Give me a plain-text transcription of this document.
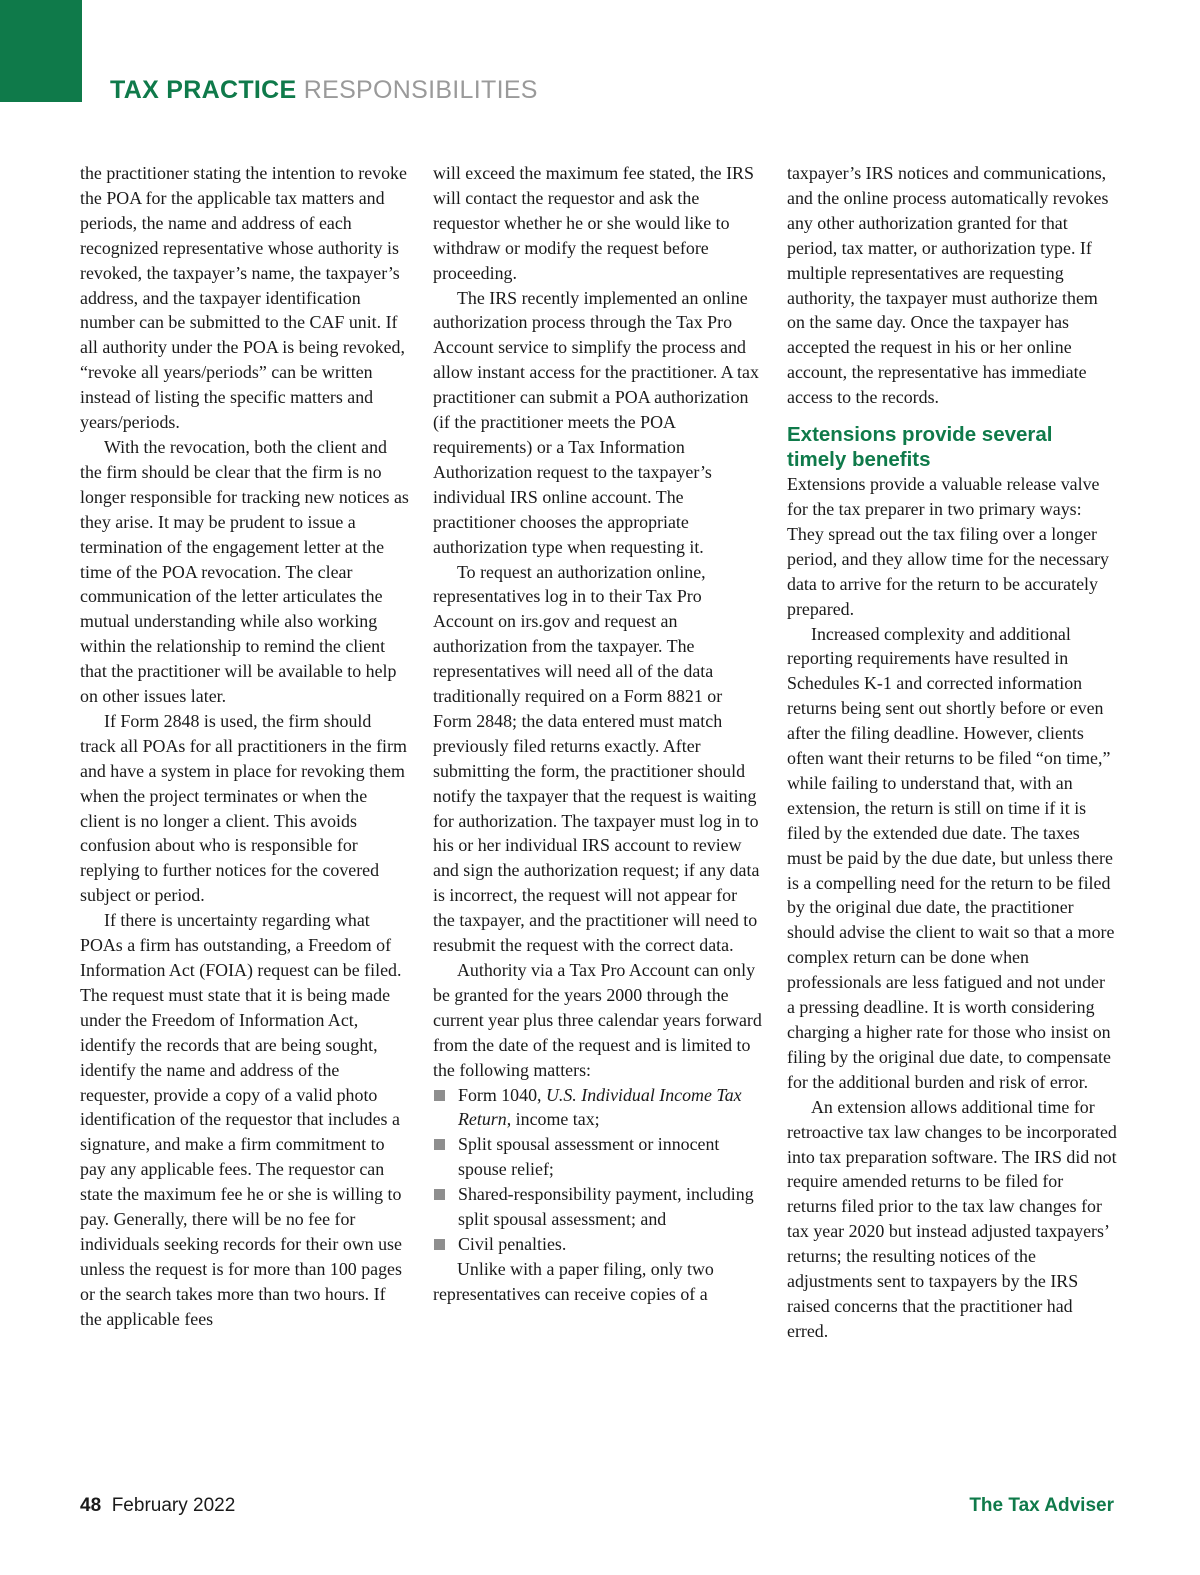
TAX PRACTICE RESPONSIBILITIES

the practitioner stating the intention to revoke the POA for the applicable tax matters and periods, the name and address of each recognized representative whose authority is revoked, the taxpayer’s name, the taxpayer’s address, and the taxpayer identification number can be submitted to the CAF unit. If all authority under the POA is being revoked, “revoke all years/periods” can be written instead of listing the specific matters and years/periods.

With the revocation, both the client and the firm should be clear that the firm is no longer responsible for tracking new notices as they arise. It may be prudent to issue a termination of the engagement letter at the time of the POA revocation. The clear communication of the letter articulates the mutual understanding while also working within the relationship to remind the client that the practitioner will be available to help on other issues later.

If Form 2848 is used, the firm should track all POAs for all practitioners in the firm and have a system in place for revoking them when the project terminates or when the client is no longer a client. This avoids confusion about who is responsible for replying to further notices for the covered subject or period.

If there is uncertainty regarding what POAs a firm has outstanding, a Freedom of Information Act (FOIA) request can be filed. The request must state that it is being made under the Freedom of Information Act, identify the records that are being sought, identify the name and address of the requester, provide a copy of a valid photo identification of the requestor that includes a signature, and make a firm commitment to pay any applicable fees. The requestor can state the maximum fee he or she is willing to pay. Generally, there will be no fee for individuals seeking records for their own use unless the request is for more than 100 pages or the search takes more than two hours. If the applicable fees

will exceed the maximum fee stated, the IRS will contact the requestor and ask the requestor whether he or she would like to withdraw or modify the request before proceeding.

The IRS recently implemented an online authorization process through the Tax Pro Account service to simplify the process and allow instant access for the practitioner. A tax practitioner can submit a POA authorization (if the practitioner meets the POA requirements) or a Tax Information Authorization request to the taxpayer’s individual IRS online account. The practitioner chooses the appropriate authorization type when requesting it.

To request an authorization online, representatives log in to their Tax Pro Account on irs.gov and request an authorization from the taxpayer. The representatives will need all of the data traditionally required on a Form 8821 or Form 2848; the data entered must match previously filed returns exactly. After submitting the form, the practitioner should notify the taxpayer that the request is waiting for authorization. The taxpayer must log in to his or her individual IRS account to review and sign the authorization request; if any data is incorrect, the request will not appear for the taxpayer, and the practitioner will need to resubmit the request with the correct data.

Authority via a Tax Pro Account can only be granted for the years 2000 through the current year plus three calendar years forward from the date of the request and is limited to the following matters:

Form 1040, U.S. Individual Income Tax Return, income tax;
Split spousal assessment or innocent spouse relief;
Shared-responsibility payment, including split spousal assessment; and
Civil penalties.

Unlike with a paper filing, only two representatives can receive copies of a

taxpayer’s IRS notices and communications, and the online process automatically revokes any other authorization granted for that period, tax matter, or authorization type. If multiple representatives are requesting authority, the taxpayer must authorize them on the same day. Once the taxpayer has accepted the request in his or her online account, the representative has immediate access to the records.

Extensions provide several timely benefits

Extensions provide a valuable release valve for the tax preparer in two primary ways: They spread out the tax filing over a longer period, and they allow time for the necessary data to arrive for the return to be accurately prepared.

Increased complexity and additional reporting requirements have resulted in Schedules K-1 and corrected information returns being sent out shortly before or even after the filing deadline. However, clients often want their returns to be filed “on time,” while failing to understand that, with an extension, the return is still on time if it is filed by the extended due date. The taxes must be paid by the due date, but unless there is a compelling need for the return to be filed by the original due date, the practitioner should advise the client to wait so that a more complex return can be done when professionals are less fatigued and not under a pressing deadline. It is worth considering charging a higher rate for those who insist on filing by the original due date, to compensate for the additional burden and risk of error.

An extension allows additional time for retroactive tax law changes to be incorporated into tax preparation software. The IRS did not require amended returns to be filed for returns filed prior to the tax law changes for tax year 2020 but instead adjusted taxpayers’ returns; the resulting notices of the adjustments sent to taxpayers by the IRS raised concerns that the practitioner had erred.

48 February 2022	The Tax Adviser
